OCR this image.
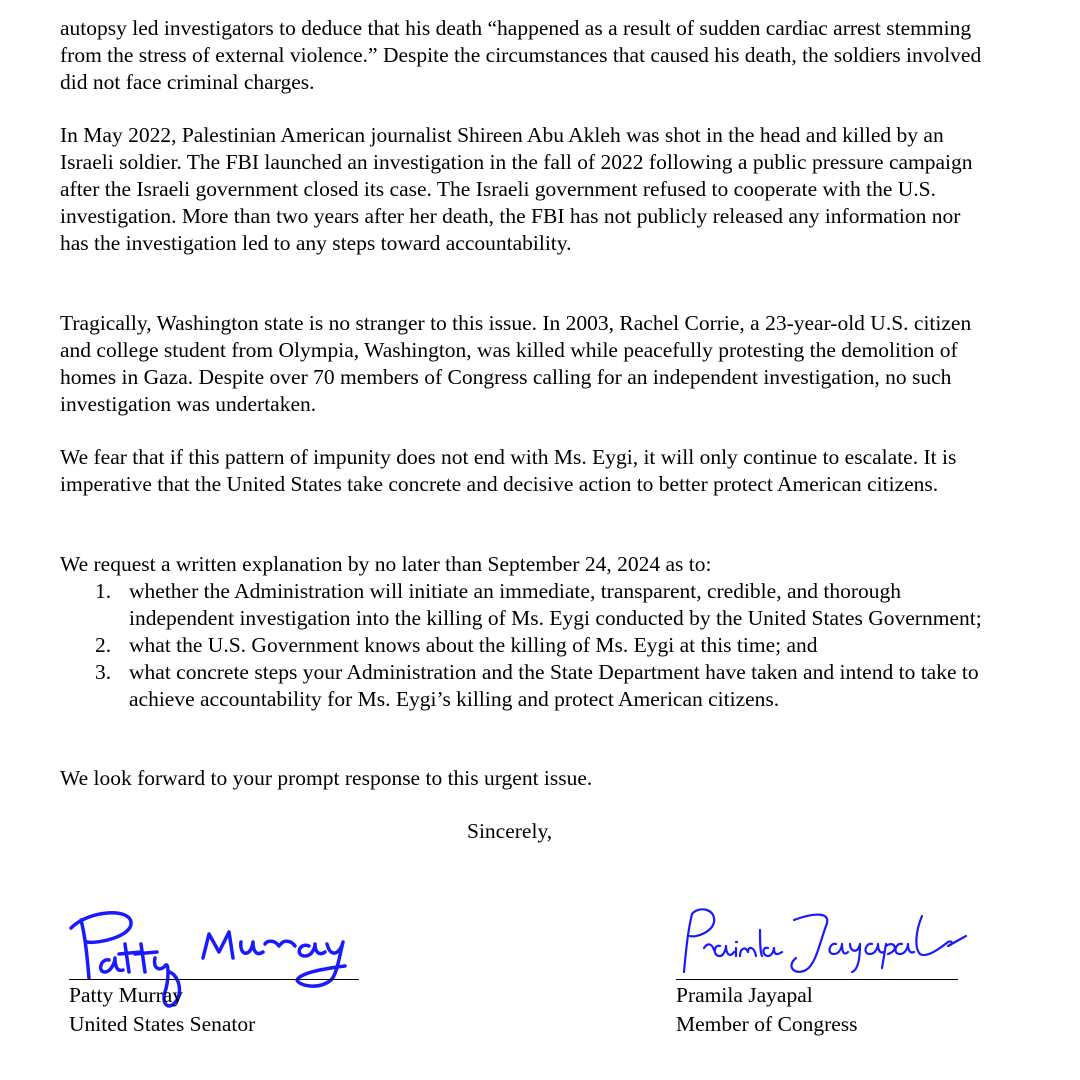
autopsy led investigators to deduce that his death “happened as a result of sudden cardiac arrest stemming from the stress of external violence.” Despite the circumstances that caused his death, the soldiers involved did not face criminal charges.

In May 2022, Palestinian American journalist Shireen Abu Akleh was shot in the head and killed by an Israeli soldier. The FBI launched an investigation in the fall of 2022 following a public pressure campaign after the Israeli government closed its case. The Israeli government refused to cooperate with the U.S. investigation. More than two years after her death, the FBI has not publicly released any information nor has the investigation led to any steps toward accountability.

Tragically, Washington state is no stranger to this issue. In 2003, Rachel Corrie, a 23-year-old U.S. citizen and college student from Olympia, Washington, was killed while peacefully protesting the demolition of homes in Gaza. Despite over 70 members of Congress calling for an independent investigation, no such investigation was undertaken.

We fear that if this pattern of impunity does not end with Ms. Eygi, it will only continue to escalate. It is imperative that the United States take concrete and decisive action to better protect American citizens.

We request a written explanation by no later than September 24, 2024 as to:

1. whether the Administration will initiate an immediate, transparent, credible, and thorough independent investigation into the killing of Ms. Eygi conducted by the United States Government;
2. what the U.S. Government knows about the killing of Ms. Eygi at this time; and
3. what concrete steps your Administration and the State Department have taken and intend to take to achieve accountability for Ms. Eygi’s killing and protect American citizens.

We look forward to your prompt response to this urgent issue.

Sincerely,
Patty Murray
United States Senator
Pramila Jayapal
Member of Congress
